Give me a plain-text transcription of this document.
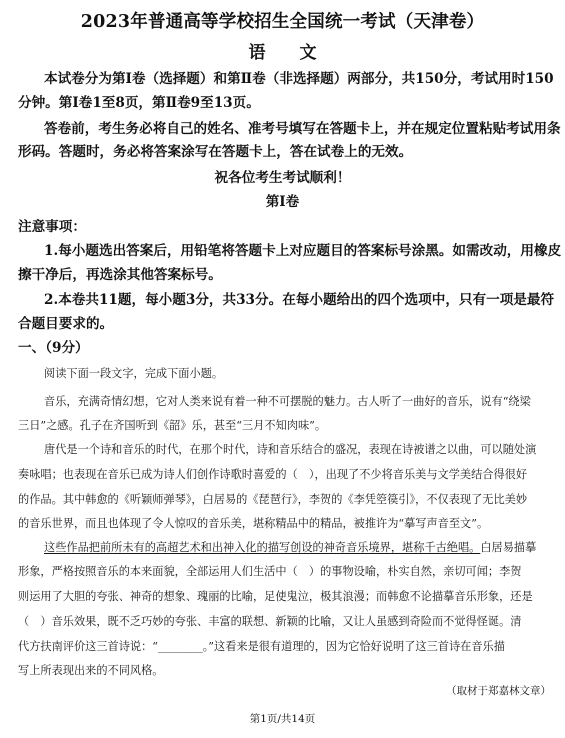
2023年普通高等学校招生全国统一考试（天津卷）
语 文
本试卷分为第Ⅰ卷（选择题）和第Ⅱ卷（非选择题）两部分，共150分，考试用时150
分钟。第Ⅰ卷1至8页，第Ⅱ卷9至13页。
答卷前，考生务必将自己的姓名、准考号填写在答题卡上，并在规定位置粘贴考试用条
形码。答题时，务必将答案涂写在答题卡上，答在试卷上的无效。
祝各位考生考试顺利！
第Ⅰ卷
注意事项：
1.每小题选出答案后，用铅笔将答题卡上对应题目的答案标号涂黑。如需改动，用橡皮
擦干净后，再选涂其他答案标号。
2.本卷共11题，每小题3分，共33分。在每小题给出的四个选项中，只有一项是最符
合题目要求的。
一、（9分）
阅读下面一段文字，完成下面小题。
音乐，充满奇情幻想，它对人类来说有着一种不可摆脱的魅力。古人听了一曲好的音乐，说有“绕梁
三日”之感。孔子在齐国听到《韶》乐，甚至“三月不知肉味”。
唐代是一个诗和音乐的时代，在那个时代，诗和音乐结合的盛况，表现在诗被谱之以曲，可以随处演
奏咏唱；也表现在音乐已成为诗人们创作诗歌时喜爱的（　），出现了不少将音乐美与文学美结合得很好
的作品。其中韩愈的《听颖师弹琴》，白居易的《琵琶行》，李贺的《李凭箜篌引》，不仅表现了无比美妙
的音乐世界，而且也体现了令人惊叹的音乐美，堪称精品中的精品，被推许为“摹写声音至文”。
这些作品把前所未有的高超艺术和出神入化的描写创设的神奇音乐境界，堪称千古绝唱。白居易描摹
形象，严格按照音乐的本来面貌，全部运用人们生活中（　）的事物设喻，朴实自然，亲切可闻；李贺
则运用了大胆的夸张、神奇的想象、瑰丽的比喻，足使鬼泣，极其浪漫；而韩愈不论描摹音乐形象，还是
（　）音乐效果，既不乏巧妙的夸张、丰富的联想、新颖的比喻，又让人虽感到奇险而不觉得怪诞。清
代方扶南评价这三首诗说：“________。”这看来是很有道理的，因为它恰好说明了这三首诗在音乐描
写上所表现出来的不同风格。
（取材于郑嘉林文章）
第1页/共14页
